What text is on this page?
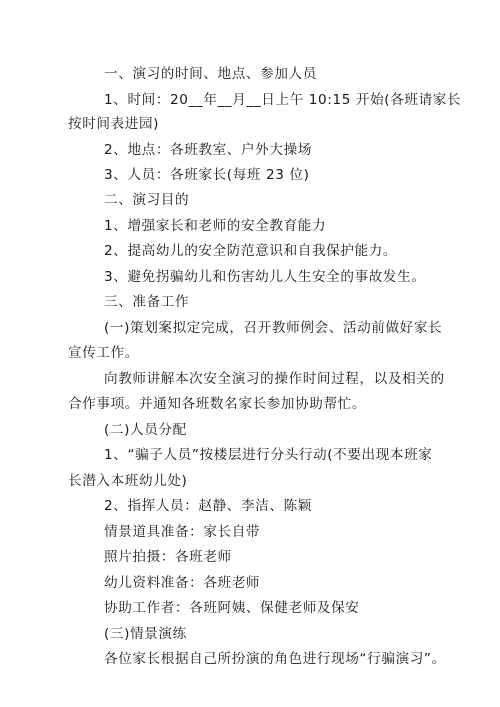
一、演习的时间、地点、参加人员
1、时间：20__年__月__日上午 10:15 开始(各班请家长
按时间表进园)
2、地点：各班教室、户外大操场
3、人员：各班家长(每班 23 位)
二、演习目的
1、增强家长和老师的安全教育能力
2、提高幼儿的安全防范意识和自我保护能力。
3、避免拐骗幼儿和伤害幼儿人生安全的事故发生。
三、准备工作
(一)策划案拟定完成，召开教师例会、活动前做好家长
宣传工作。
向教师讲解本次安全演习的操作时间过程，以及相关的
合作事项。并通知各班数名家长参加协助帮忙。
(二)人员分配
1、“骗子人员”按楼层进行分头行动(不要出现本班家
长潜入本班幼儿处)
2、指挥人员：赵静、李洁、陈颖
情景道具准备：家长自带
照片拍摄：各班老师
幼儿资料准备：各班老师
协助工作者：各班阿姨、保健老师及保安
(三)情景演练
各位家长根据自己所扮演的角色进行现场“行骗演习”。
